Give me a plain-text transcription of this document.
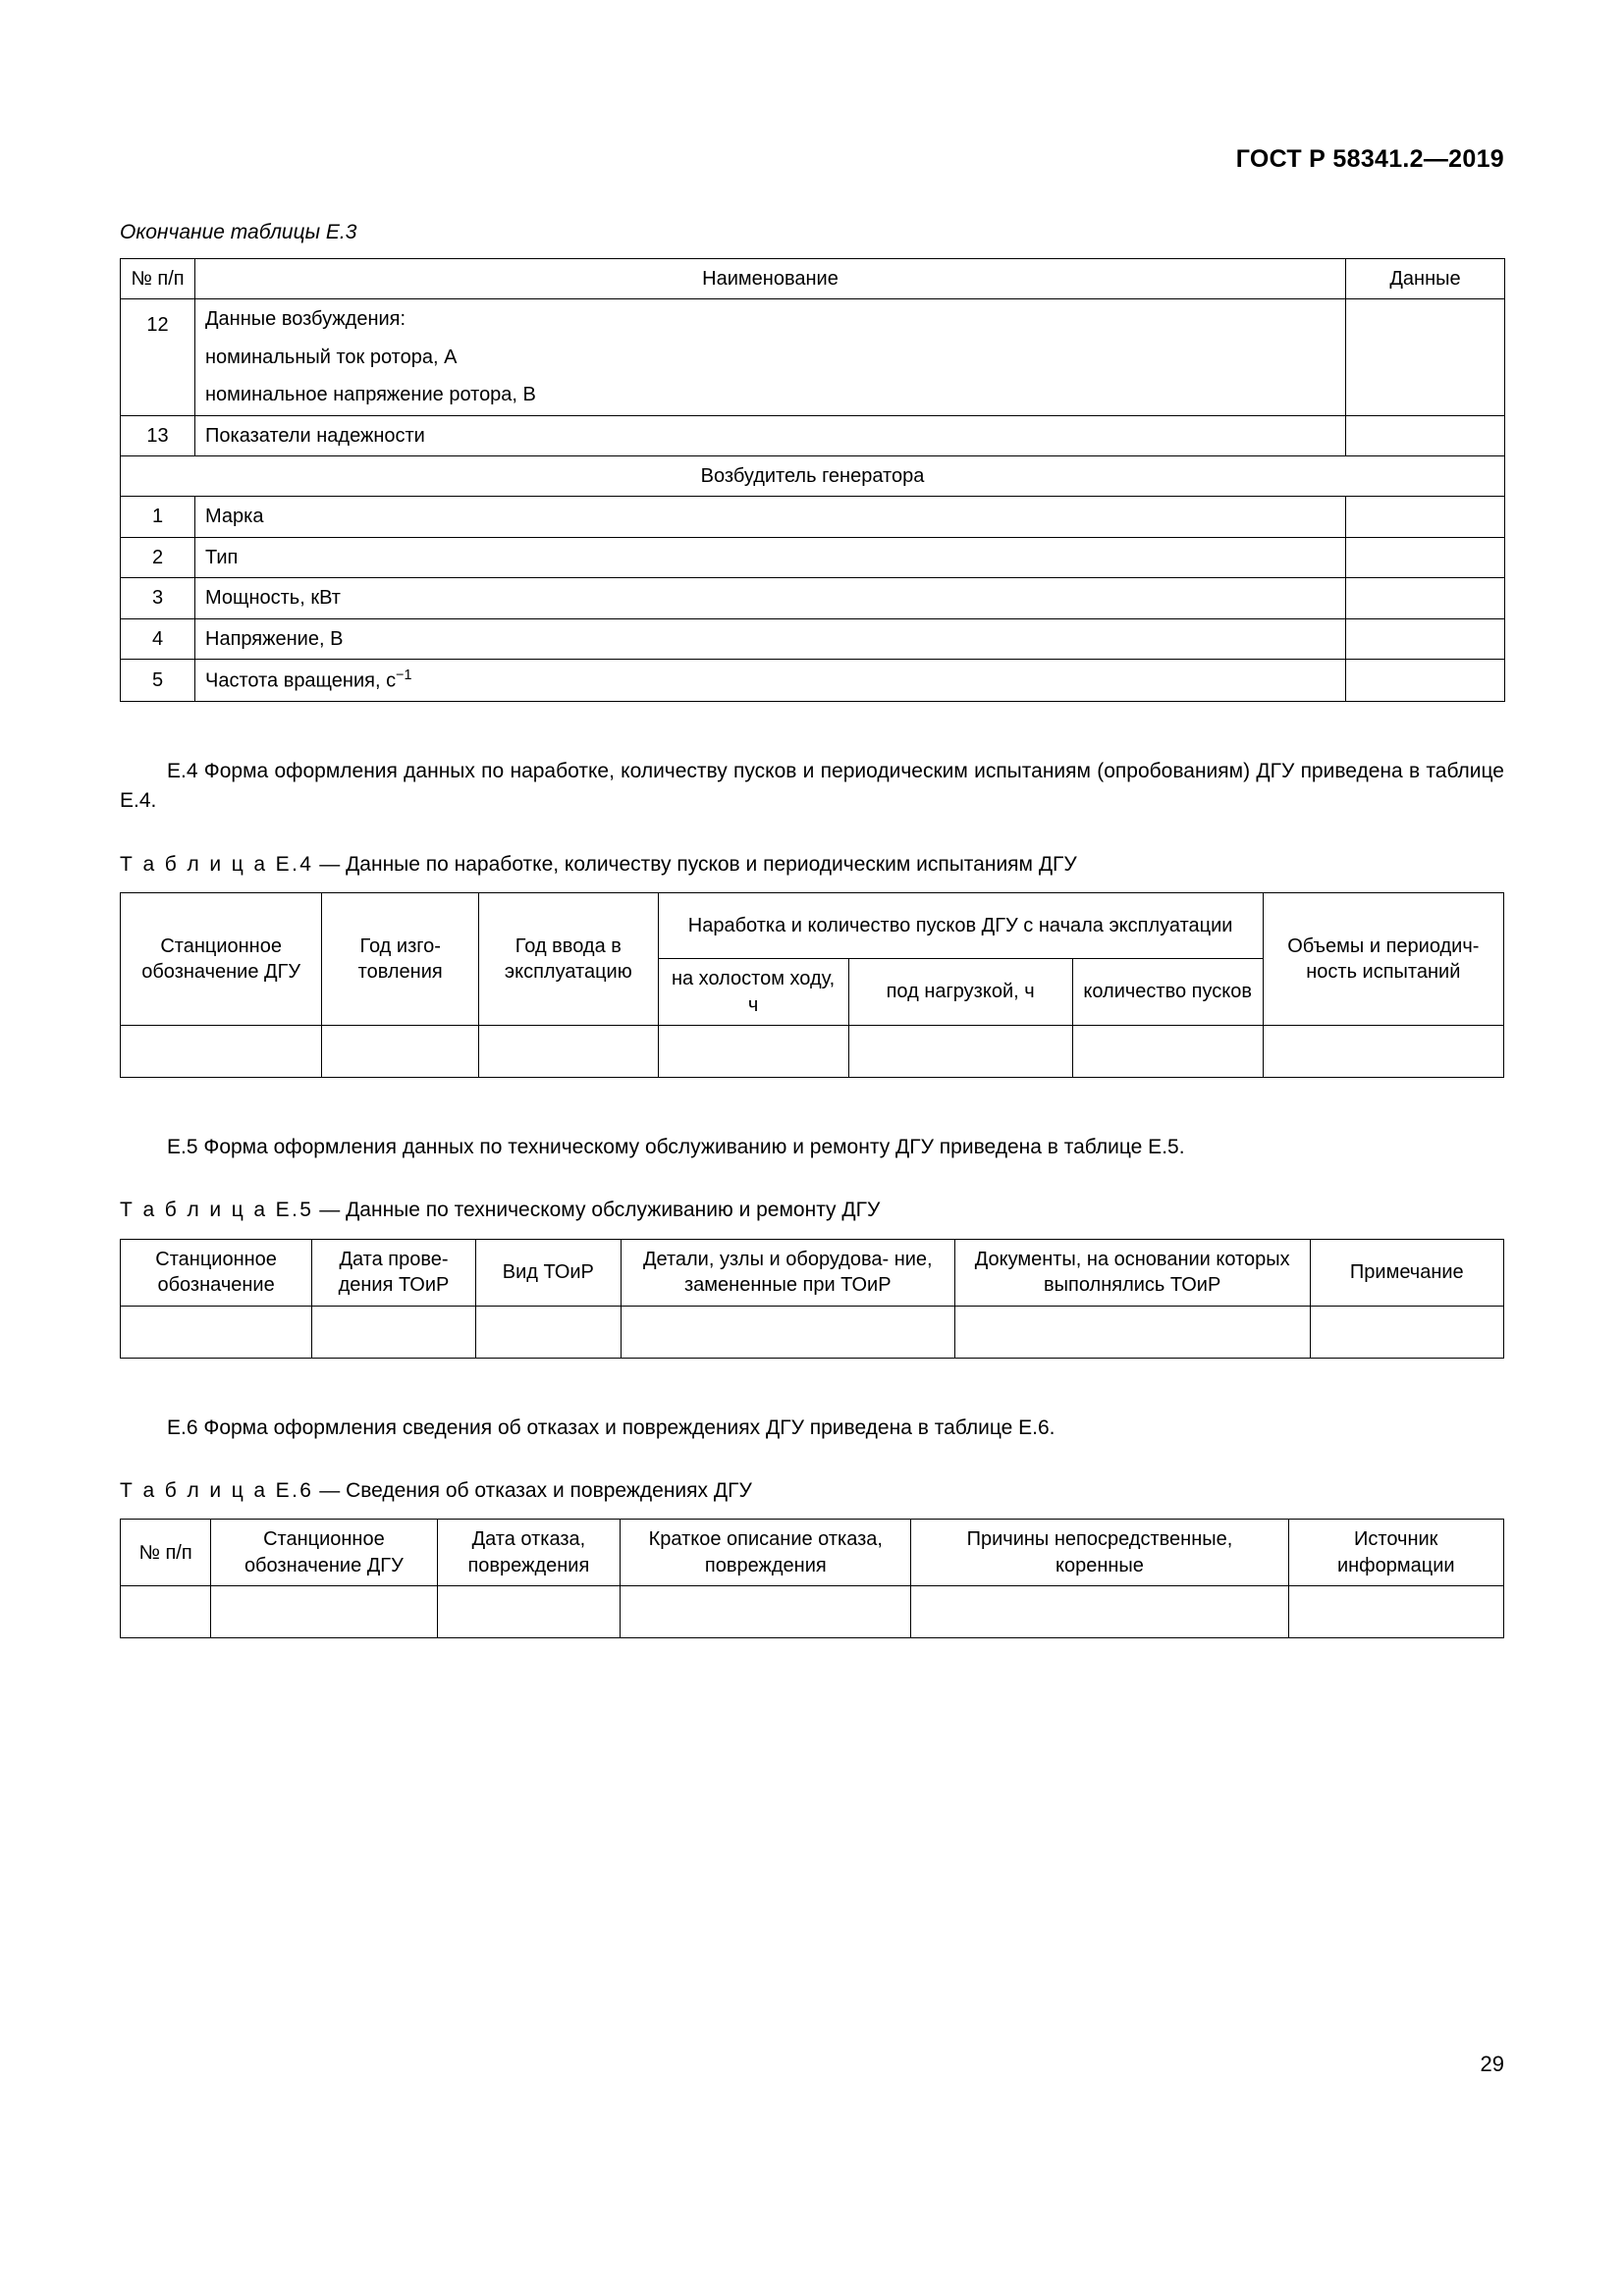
ГОСТ Р 58341.2—2019
Окончание таблицы Е.3
№ п/п	Наименование	Данные
12	Данные возбуждения:
номинальный ток ротора, А
номинальное напряжение ротора, В	

13	Показатели надежности	
Возбудитель генератора		
1	Марка	
2	Тип	
3	Мощность, кВт	
4	Напряжение, В	
5	Частота вращения, $с^{-1}$	
Е.4 Форма оформления данных по наработке, количеству пусков и периодическим испытаниям (опробованиям) ДГУ приведена в таблице Е.4.
Т а б л и ц а Е.4 — Данные по наработке, количеству пусков и периодическим испытаниям ДГУ
Станционное обозначение ДГУ	Год изго- товления	Год ввода в эксплуатацию	Наработка и количество пусков ДГУ с начала эксплуатации			Объемы и периодич- ность испытаний
			на холостом ходу, ч	под нагрузкой, ч	количество пусков	

Е.5 Форма оформления данных по техническому обслуживанию и ремонту ДГУ приведена в таблице Е.5.
Т а б л и ц а Е.5 — Данные по техническому обслуживанию и ремонту ДГУ
Станционное обозначение	Дата прове- дения ТОиР	Вид ТОиР	Детали, узлы и оборудова- ние, замененные при ТОиР	Документы, на основании которых выполнялись ТОиР	Примечание

Е.6 Форма оформления сведения об отказах и повреждениях ДГУ приведена в таблице Е.6.
Т а б л и ц а Е.6 — Сведения об отказах и повреждениях ДГУ
№ п/п	Станционное обозначение ДГУ	Дата отказа, повреждения	Краткое описание отказа, повреждения	Причины непосредственные, коренные	Источник информации

29
